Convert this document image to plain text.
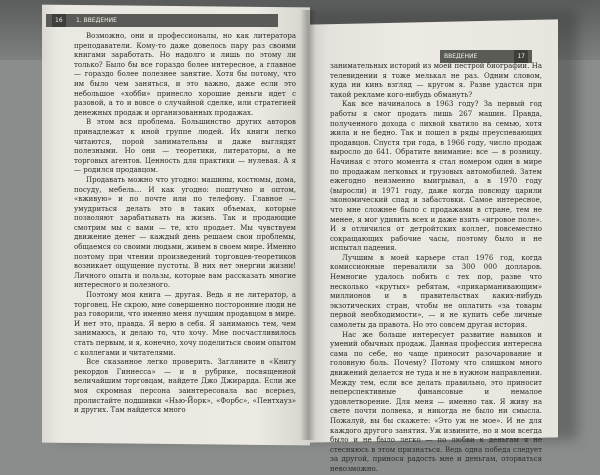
16	1. ВВЕДЕНИЕ
ВВЕДЕНИЕ	17

Возможно, они и профессионалы, но как литератора преподаватели. Кому-то даже довелось пару раз своими книгами заработать. Но надолго и лишь по этому ли только? Было бы все гораздо более интересное, а главное — гораздо более полезнее занятие. Хотя бы потому, что им было чем заняться, и это важно, даже если это небольшое «хобби» принесло хорошие деньги идет с разовой, а то и вовсе о случайной сделке, или стратегией денежных продаж и организованных продажах.

В этом вся проблема. Большинство других авторов принадлежат к иной группе людей. Их книги легко читаются, порой занимательны и даже выглядят полезными. Но они — теоретики, литераторы, а не торговых агентов. Ценность для практики — нулевая. А я — родился продавцом.

Продавать можно что угодно: машины, костюмы, дома, посуду, мебель... И как угодно: поштучно и оптом, «вживую» и по почте или по телефону. Главное — умудриться делать это в таких объемах, которые позволяют зарабатывать на жизнь. Так и продающие смотрим мы с вами — те, кто продает. Мы чувствуем движение денег — каждый день решаем свои проблемы, общаемся со своими людьми, живем в своем мире. Именно поэтому при чтении произведений торговцев-теоретиков возникает ощущение пустоты. В них нет энергии жизни! Личного опыта и пользы, которые вам рассказать многие интересного и полезного.

Поэтому моя книга — другая. Ведь я не литератор, а торговец. Не скрою, мне совершенно посторонние люди не раз говорили, что именно меня лучшим продавцом в мире. И нет это, правда. Я верю в себя. Я занимаюсь тем, чем занимаюсь, и делаю то, что хочу. Мне посчастливилось стать первым, и я, конечно, хочу поделиться своим опытом с коллегами и читателями.

Все сказанное легко проверить. Загляните в «Книгу рекордов Гиннесса» — и в рубрике, посвященной величайшим торговцам, найдете Джо Джирарда. Если же моя скромная персона заинтересовала вас всерьез, пролистайте подшивки «Нью-Йорк», «Форбс», «Пентхауз» и других. Там найдется много

занимательных историй из моей пестрой биографии. На телевидении я тоже мелькал не раз. Одним словом, куда ни кинь взгляд — кругом я. Разве удастся при такой рекламе кого-нибудь обмануть?

Как все начиналось в 1963 году? За первый год работы я смог продать лишь 267 машин. Правда, полученного дохода с лихвой хватило на семью, хотя жила и не бедно. Так и пошел в ряды преуспевающих продавцов. Спустя три года, в 1966 году, число продаж выросло до 641. Обратите внимание: все — в розницу. Начиная с этого момента я стал номером один в мире по продажам легковых и грузовых автомобилей. Затем ежегодно неизменно выигрывал, а в 1970 году (выросли) и 1971 году, даже когда повсюду царили экономический спад и забастовки. Самое интересное, что мне сложнее было с продажами в стране, тем не менее, я мог удивить всех и даже взять «игровое поле». И я отличился от детройтских коллег, повсеместно сокращающих рабочие часы, поэтому было и не испытал падения.

Лучшим в моей карьере стал 1976 год, когда комиссионные перевалили за 300 000 долларов. Немногие удалось побить с тех пор, разве что несколько «крутых» ребятам, «прикарманивающим» миллионов и в правительствах каких-нибудь экзотических стран, чтобы не оплатить «за товары первой необходимости», — и не купить себе личные самолеты да правота. Но это совсем другая история.

Нас же больше интересует развитие навыков и умений обычных продаж. Данная профессия интересна сама по себе, но чаще приносит разочарование и головную боль. Почему? Потому что слишком много движений делается не туда и не в нужном направлении. Между тем, если все делать правильно, это приносит неперспективные финансовые и немалое удовлетворение. Для меня — именно так. Я живу на свете почти полвека, и никогда не было ни смысла. Пожалуй, вы бы скажете: «Это уж не мое». И не для каждого другого занятия. Уж извините, но я мои всегда было и не было легко — по любви к деньгам я не стесняюсь в этом признаться. Ведь одна победа следует за другой, принося радость мне и деньгам, оторваться невозможно.
